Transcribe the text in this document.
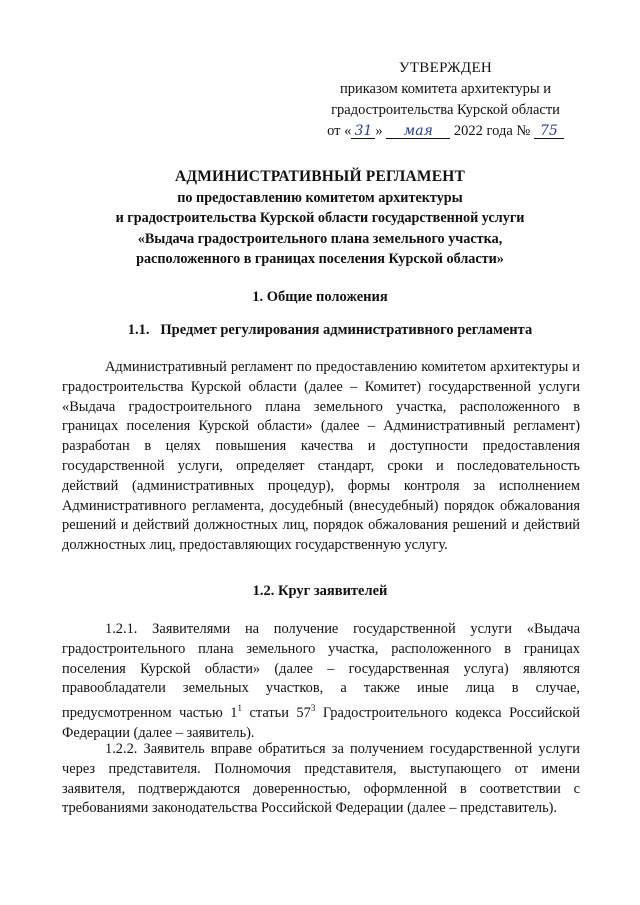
УТВЕРЖДЕН
приказом комитета архитектуры и
градостроительства Курской области
от « 31 » мая 2022 года № 75
АДМИНИСТРАТИВНЫЙ РЕГЛАМЕНТ
по предоставлению комитетом архитектуры
и градостроительства Курской области государственной услуги
«Выдача градостроительного плана земельного участка,
расположенного в границах поселения Курской области»
1. Общие положения
1.1.   Предмет регулирования административного регламента
Административный регламент по предоставлению комитетом архитектуры и градостроительства Курской области (далее – Комитет) государственной услуги «Выдача градостроительного плана земельного участка, расположенного в границах поселения Курской области» (далее – Административный регламент) разработан в целях повышения качества и доступности предоставления государственной услуги, определяет стандарт, сроки и последовательность действий (административных процедур), формы контроля за исполнением Административного регламента, досудебный (внесудебный) порядок обжалования решений и действий должностных лиц, порядок обжалования решений и действий должностных лиц, предоставляющих государственную услугу.
1.2. Круг заявителей
1.2.1. Заявителями на получение государственной услуги «Выдача градостроительного плана земельного участка, расположенного в границах поселения Курской области» (далее – государственная услуга) являются правообладатели земельных участков, а также иные лица в случае, предусмотренном частью $1^1$ статьи $57^3$ Градостроительного кодекса Российской Федерации (далее – заявитель).
1.2.2. Заявитель вправе обратиться за получением государственной услуги через представителя. Полномочия представителя, выступающего от имени заявителя, подтверждаются доверенностью, оформленной в соответствии с требованиями законодательства Российской Федерации (далее – представитель).
